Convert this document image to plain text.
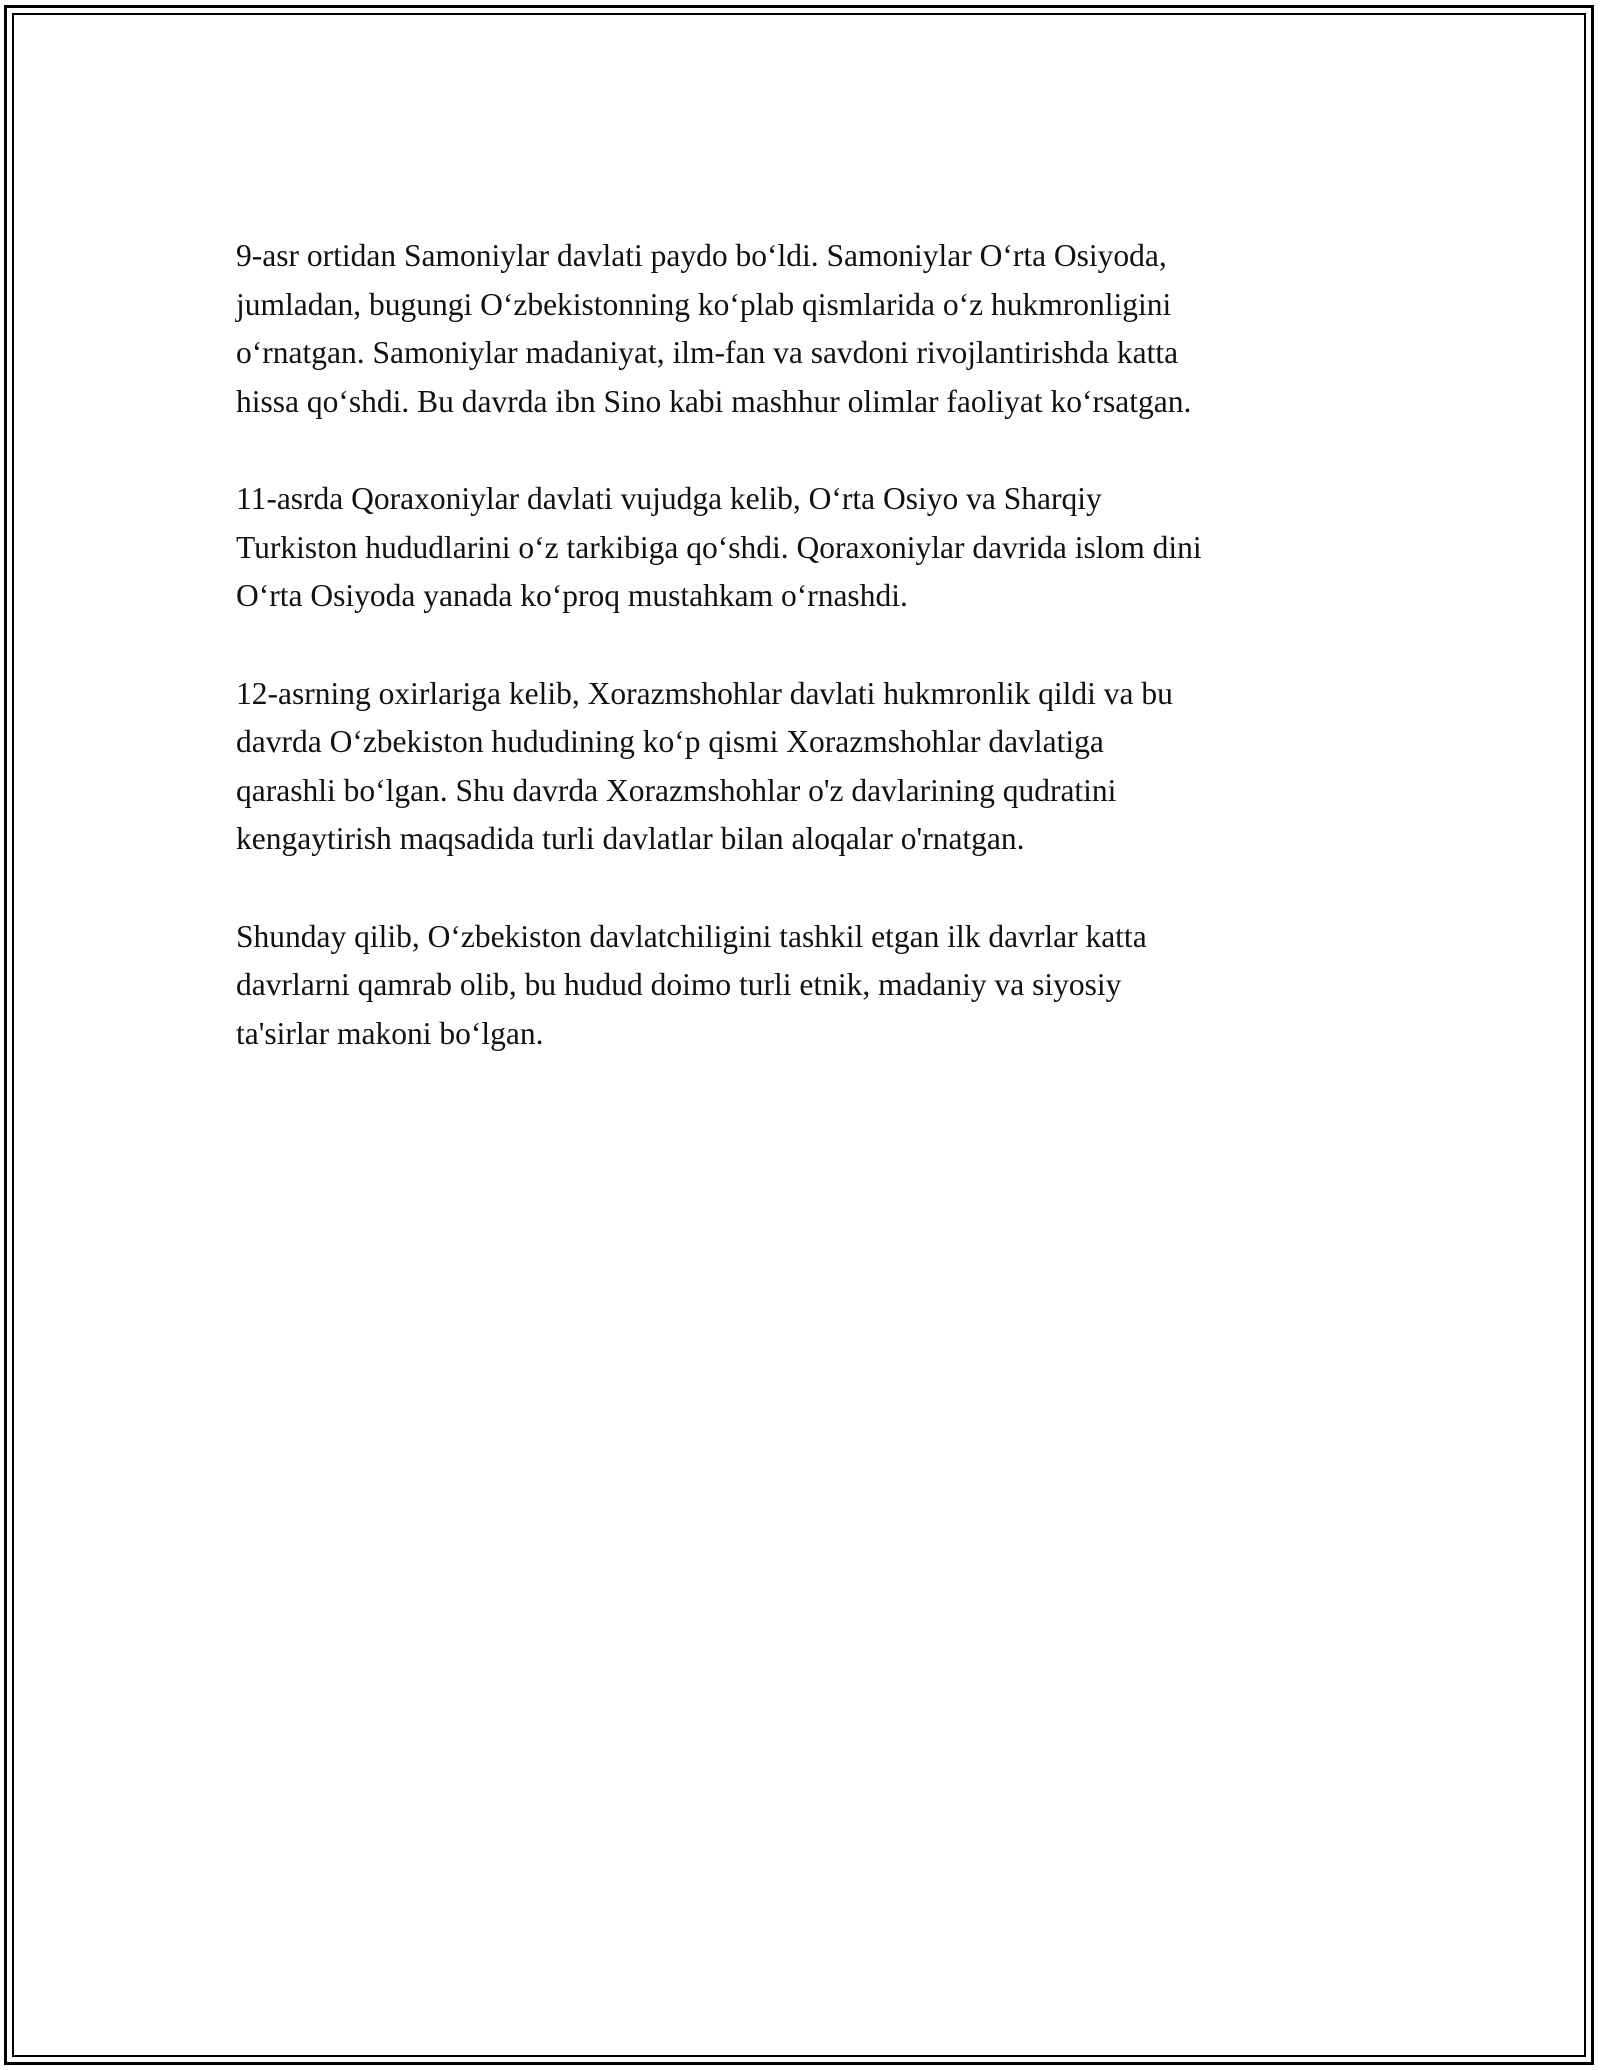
9-asr ortidan Samoniylar davlati paydo bo‘ldi. Samoniylar O‘rta Osiyoda,
jumladan, bugungi O‘zbekistonning ko‘plab qismlarida o‘z hukmronligini
o‘rnatgan. Samoniylar madaniyat, ilm-fan va savdoni rivojlantirishda katta
hissa qo‘shdi. Bu davrda ibn Sino kabi mashhur olimlar faoliyat ko‘rsatgan.

11-asrda Qoraxoniylar davlati vujudga kelib, O‘rta Osiyo va Sharqiy
Turkiston hududlarini o‘z tarkibiga qo‘shdi. Qoraxoniylar davrida islom dini
O‘rta Osiyoda yanada ko‘proq mustahkam o‘rnashdi.

12-asrning oxirlariga kelib, Xorazmshohlar davlati hukmronlik qildi va bu
davrda O‘zbekiston hududining ko‘p qismi Xorazmshohlar davlatiga
qarashli bo‘lgan. Shu davrda Xorazmshohlar o'z davlarining qudratini
kengaytirish maqsadida turli davlatlar bilan aloqalar o'rnatgan.

Shunday qilib, O‘zbekiston davlatchiligini tashkil etgan ilk davrlar katta
davrlarni qamrab olib, bu hudud doimo turli etnik, madaniy va siyosiy
ta'sirlar makoni bo‘lgan.
